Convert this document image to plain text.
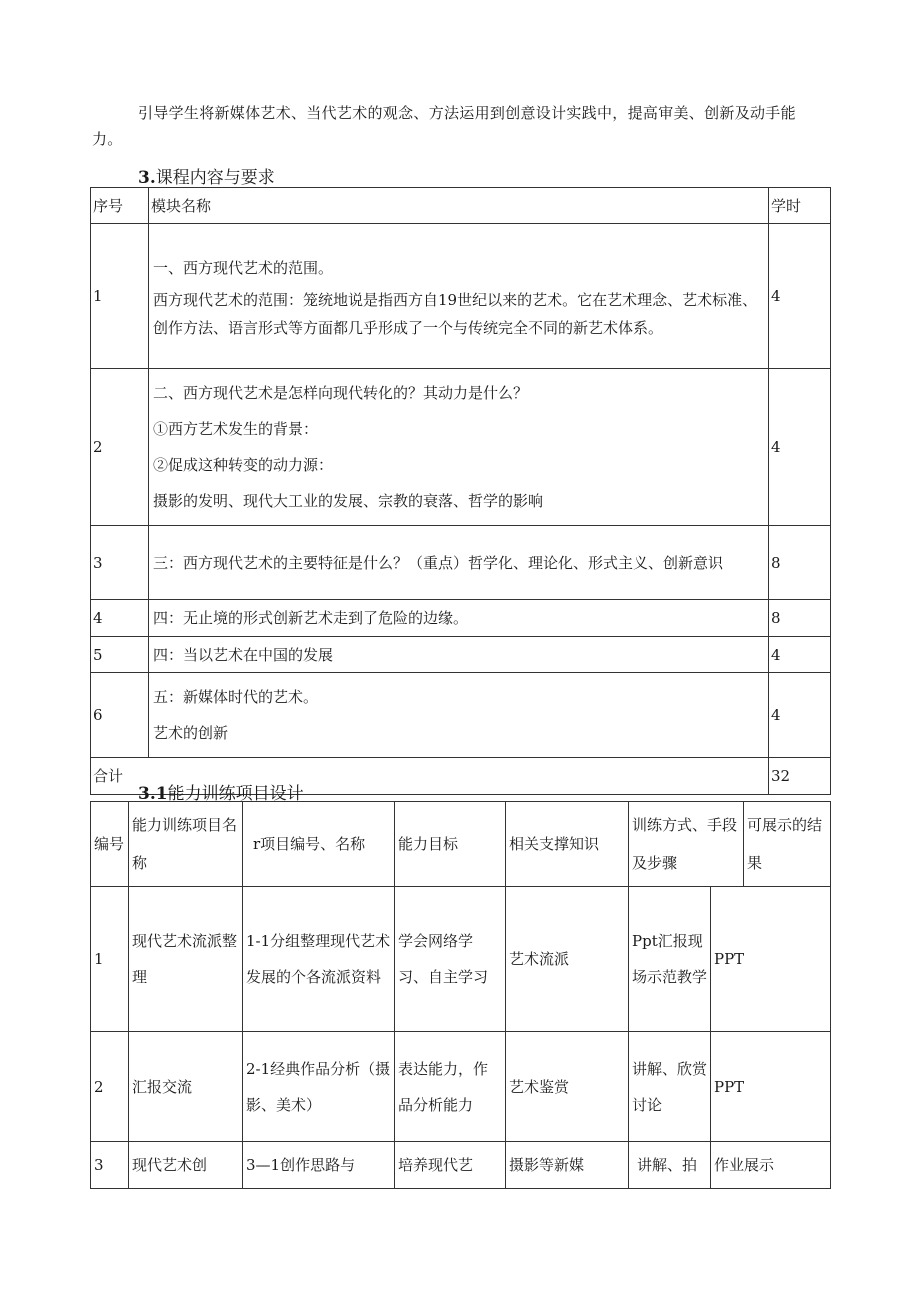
引导学生将新媒体艺术、当代艺术的观念、方法运用到创意设计实践中，提高审美、创新及动手能力。

3.课程内容与要求
序号	模块名称	学时
1	一、西方现代艺术的范围。
西方现代艺术的范围：笼统地说是指西方自19世纪以来的艺术。它在艺术理念、艺术标准、创作方法、语言形式等方面都几乎形成了一个与传统完全不同的新艺术体系。	4
2	二、西方现代艺术是怎样向现代转化的？其动力是什么？
①西方艺术发生的背景：
②促成这种转变的动力源：
摄影的发明、现代大工业的发展、宗教的衰落、哲学的影响	4
3	三：西方现代艺术的主要特征是什么？（重点）哲学化、理论化、形式主义、创新意识	8
4	四：无止境的形式创新艺术走到了危险的边缘。	8
5	四：当以艺术在中国的发展	4
6	五：新媒体时代的艺术。
艺术的创新	4
合计		32
3.1能力训练项目设计
编号	能力训练项目名称	r项目编号、名称	能力目标	相关支撑知识	训练方式、手段及步骤		可展示的结果
1	现代艺术流派整理	1-1分组整理现代艺术发展的个各流派资料	学会网络学习、自主学习	艺术流派	Ppt汇报现场示范教学	PPT	
2	汇报交流	2-1经典作品分析（摄影、美术）	表达能力，作品分析能力	艺术鉴赏	讲解、欣赏讨论	PPT	
3	现代艺术创	3—1创作思路与	培养现代艺	摄影等新媒	讲解、拍	作业展示	
